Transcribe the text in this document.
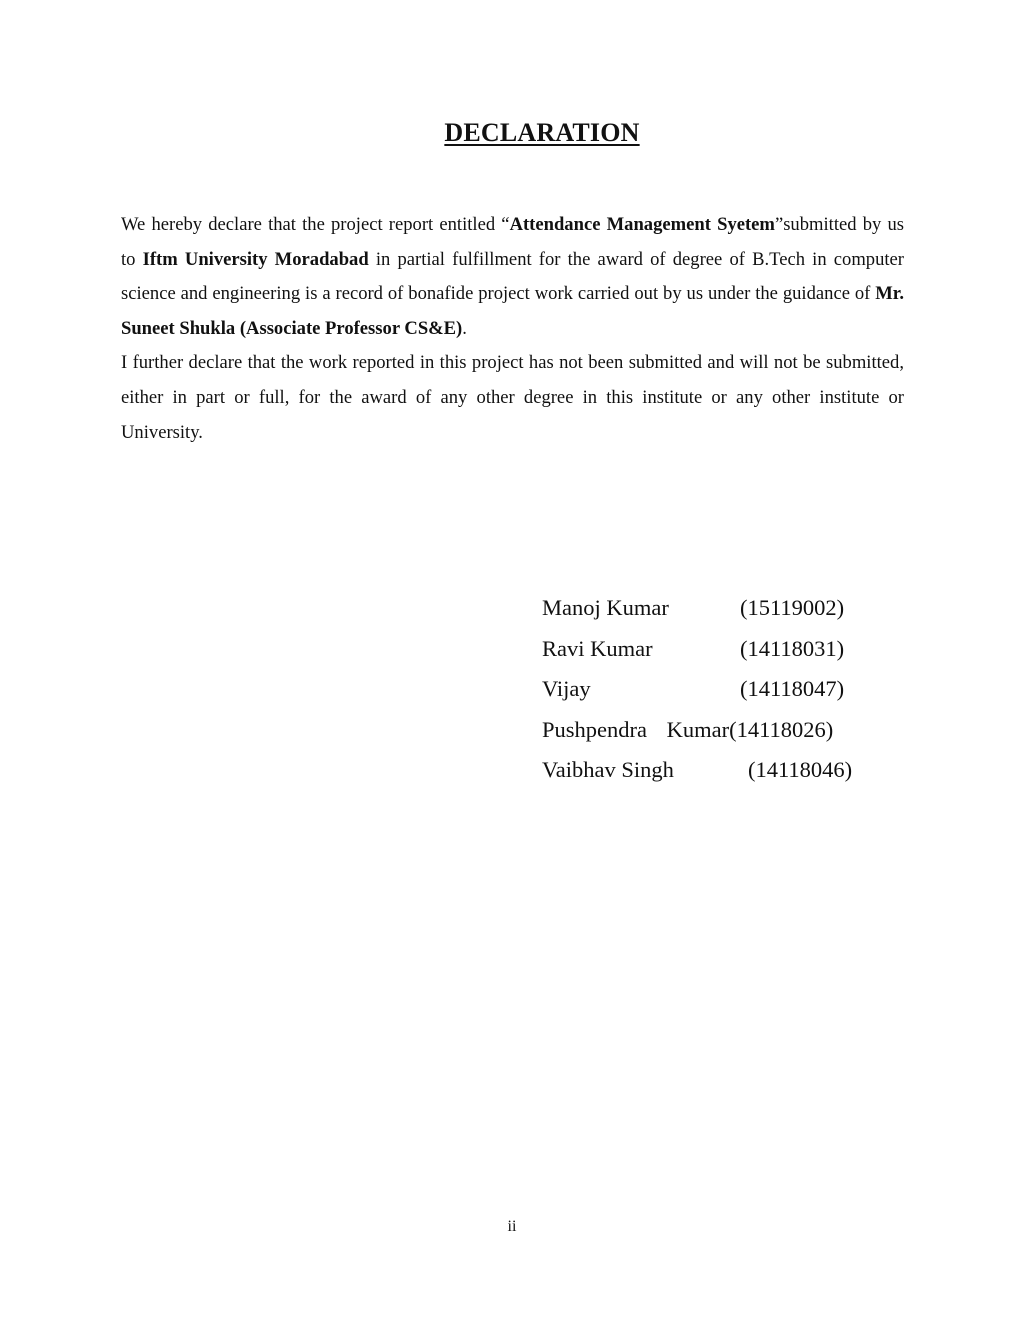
DECLARATION

We hereby declare that the project report entitled “Attendance Management Syetem”submitted by us to Iftm University Moradabad in partial fulfillment for the award of degree of B.Tech in computer science and engineering is a record of bonafide project work carried out by us under the guidance of Mr. Suneet Shukla (Associate Professor CS&E).

I further declare that the work reported in this project has not been submitted and will not be submitted, either in part or full, for the award of any other degree in this institute or any other institute or University.

Manoj Kumar	(15119002)
Ravi Kumar	(14118031)
Vijay	(14118047)
Pushpendra Kumar (14118026)
Vaibhav Singh	(14118046)
ii
